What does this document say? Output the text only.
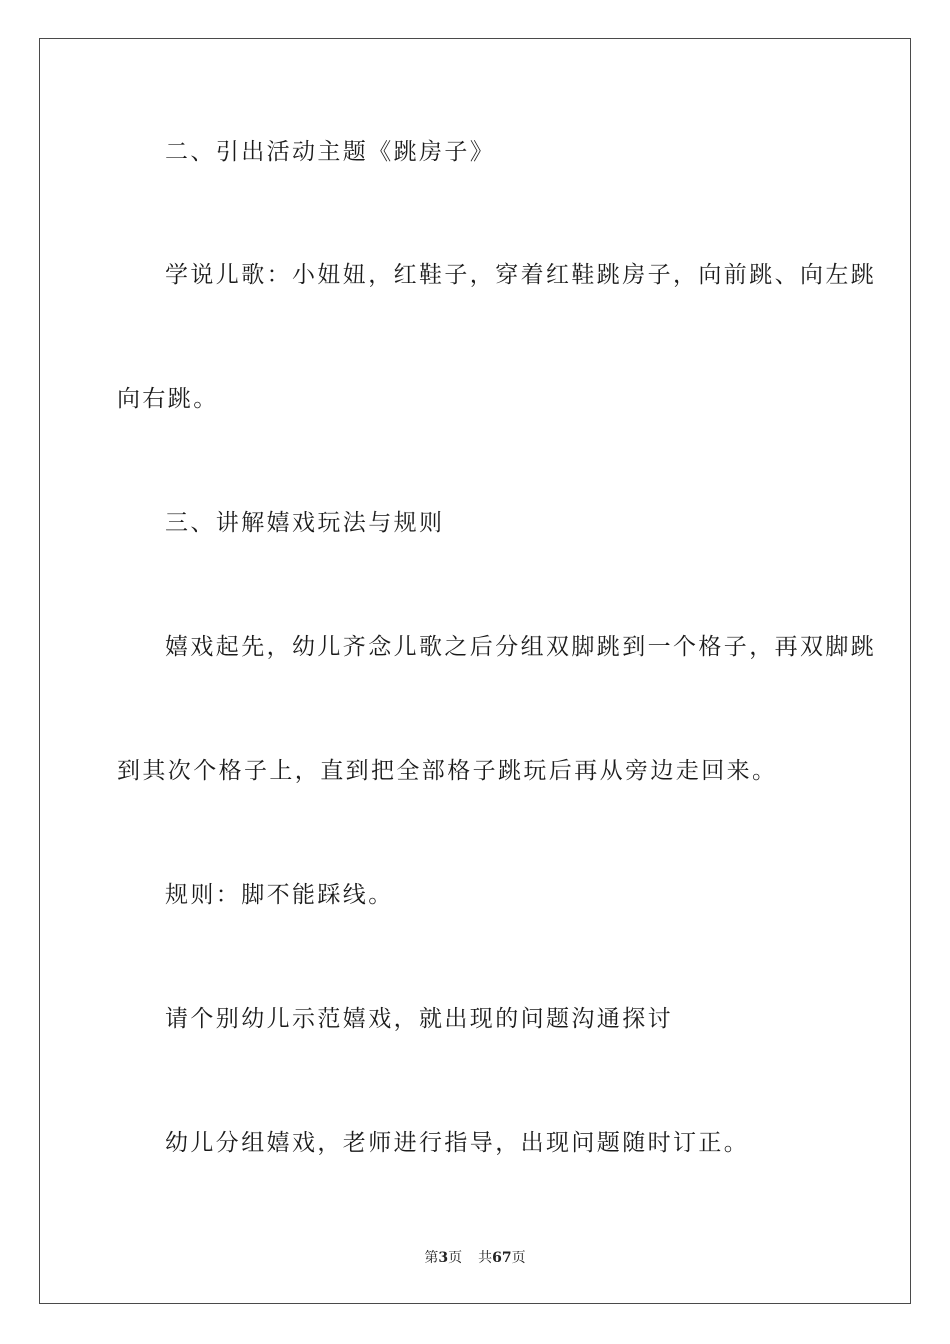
二、引出活动主题《跳房子》
学说儿歌：小妞妞，红鞋子，穿着红鞋跳房子，向前跳、向左跳
向右跳。
三、讲解嬉戏玩法与规则
嬉戏起先，幼儿齐念儿歌之后分组双脚跳到一个格子，再双脚跳
到其次个格子上，直到把全部格子跳玩后再从旁边走回来。
规则：脚不能踩线。
请个别幼儿示范嬉戏，就出现的问题沟通探讨
幼儿分组嬉戏，老师进行指导，出现问题随时订正。
第3页 共67页
